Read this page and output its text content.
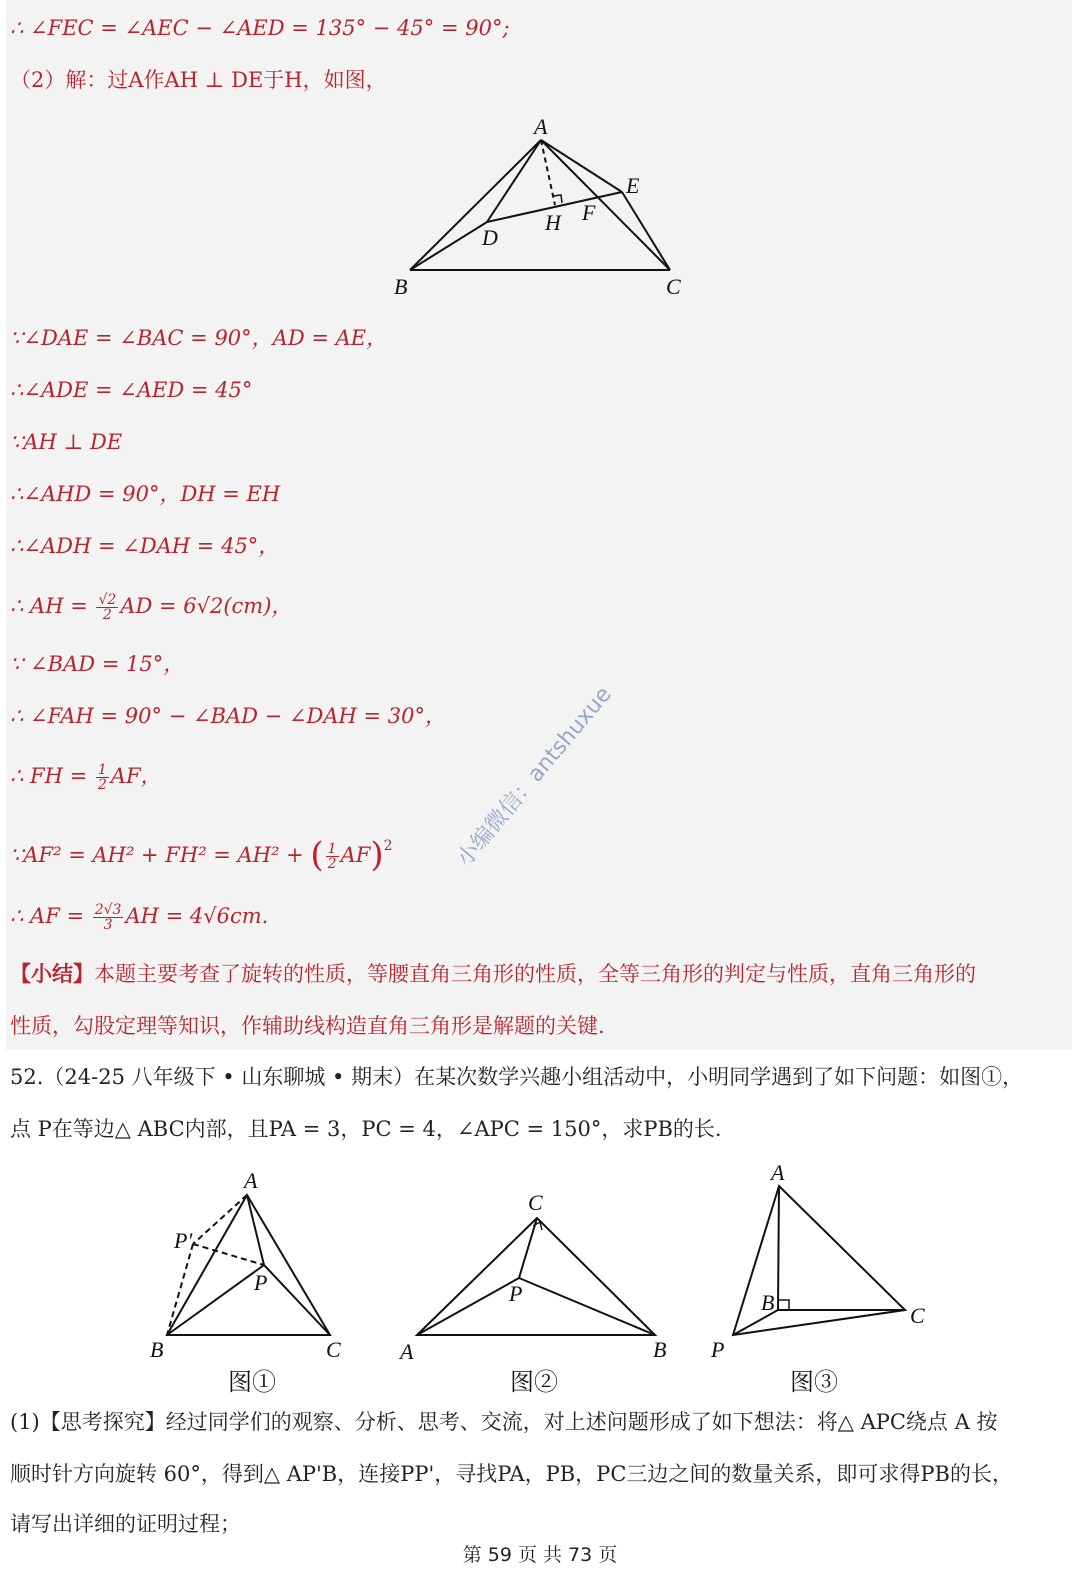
∴ ∠FEC = ∠AEC − ∠AED = 135° − 45° = 90°;
（2）解：过A作AH ⊥ DE于H，如图，
A
B	C
D
E
F
H
∵∠DAE = ∠BAC = 90°，AD = AE，
∴∠ADE = ∠AED = 45°
∵AH ⊥ DE
∴∠AHD = 90°，DH = EH
∴∠ADH = ∠DAH = 45°，
∴ AH = $\frac{√2}{2}$ AD = 6√2(cm)，
∵ ∠BAD = 15°，
∴ ∠FAH = 90° − ∠BAD − ∠DAH = 30°，
∴ FH = $\frac{1}{2}$ AF，
∵AF² = AH² + FH² = AH² + ( $\frac{1}{2} AF)^2$
∴ AF = $\frac{2√3}{3}$ AH = 4√6cm.
【小结】本题主要考查了旋转的性质，等腰直角三角形的性质，全等三角形的判定与性质，直角三角形的
性质，勾股定理等知识，作辅助线构造直角三角形是解题的关键.
小编微信：antshuxue
52.（24-25 八年级下 • 山东聊城 • 期末）在某次数学兴趣小组活动中，小明同学遇到了如下问题：如图①，
点 P在等边△ ABC内部，且PA = 3，PC = 4，∠APC = 150°，求PB的长.
A
B	C
P
P'
C
A	B
P
A
B
C
P
图①	图②	图③
(1)【思考探究】经过同学们的观察、分析、思考、交流，对上述问题形成了如下想法：将△ APC绕点 A 按
顺时针方向旋转 60°，得到△ AP'B，连接PP'，寻找PA，PB，PC三边之间的数量关系，即可求得PB的长，
请写出详细的证明过程；
第 59 页 共 73 页
